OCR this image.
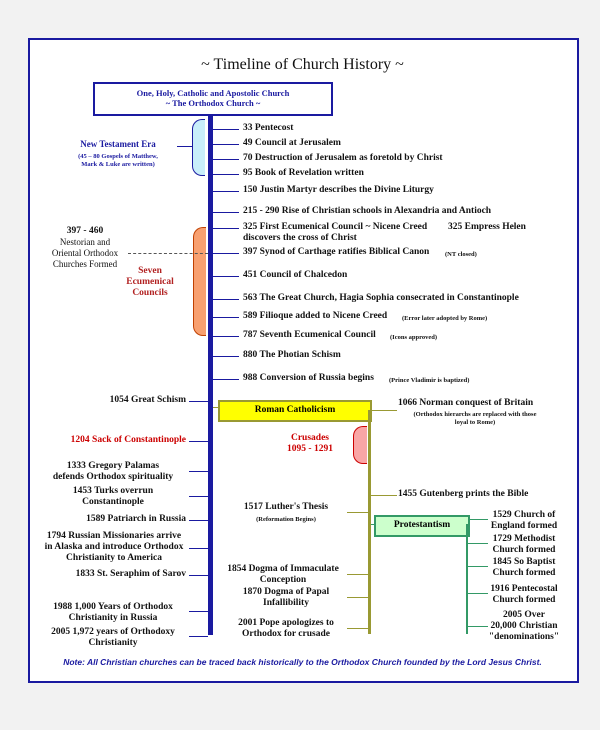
~ Timeline of Church History ~
One, Holy, Catholic and Apostolic Church
~ The Orthodox Church ~
New Testament Era
(45 – 80 Gospels of Matthew,
Mark & Luke are written)
397 - 460
Nestorian and
Oriental Orthodox
Churches Formed
Seven
Ecumenical
Councils
33 Pentecost
49 Council at Jerusalem
70 Destruction of Jerusalem as foretold by Christ
95 Book of Revelation written
150 Justin Martyr describes the Divine Liturgy
215 - 290 Rise of Christian schools in Alexandria and Antioch
325 First Ecumenical Council ~ Nicene Creed 325 Empress Helen
discovers the cross of Christ
397 Synod of Carthage ratifies Biblical Canon (NT closed)
451 Council of Chalcedon
563 The Great Church, Hagia Sophia consecrated in Constantinople
589 Filioque added to Nicene Creed (Error later adopted by Rome)
787 Seventh Ecumenical Council (Icons approved)
880 The Photian Schism
988 Conversion of Russia begins (Prince Vladimir is baptized)
1054 Great Schism
1204 Sack of Constantinople
1333 Gregory Palamas
defends Orthodox spirituality
1453 Turks overrun
Constantinople
1589 Patriarch in Russia
1794 Russian Missionaries arrive
in Alaska and introduce Orthodox
Christianity to America
1833 St. Seraphim of Sarov
1988 1,000 Years of Orthodox
Christianity in Russia
2005 1,972 years of Orthodoxy
Christianity
Roman Catholicism
1066 Norman conquest of Britain
(Orthodox hierarchs are replaced with those
loyal to Rome)
Crusades
1095 - 1291
1455 Gutenberg prints the Bible
1517 Luther's Thesis
(Reformation Begins)
1854 Dogma of Immaculate
Conception
1870 Dogma of Papal
Infallibility
2001 Pope apologizes to
Orthodox for crusade
Protestantism
1529 Church of
England formed
1729 Methodist
Church formed
1845 So Baptist
Church formed
1916 Pentecostal
Church formed
2005 Over
20,000 Christian
"denominations"
Note: All Christian churches can be traced back historically to the Orthodox Church founded by the Lord Jesus Christ.
